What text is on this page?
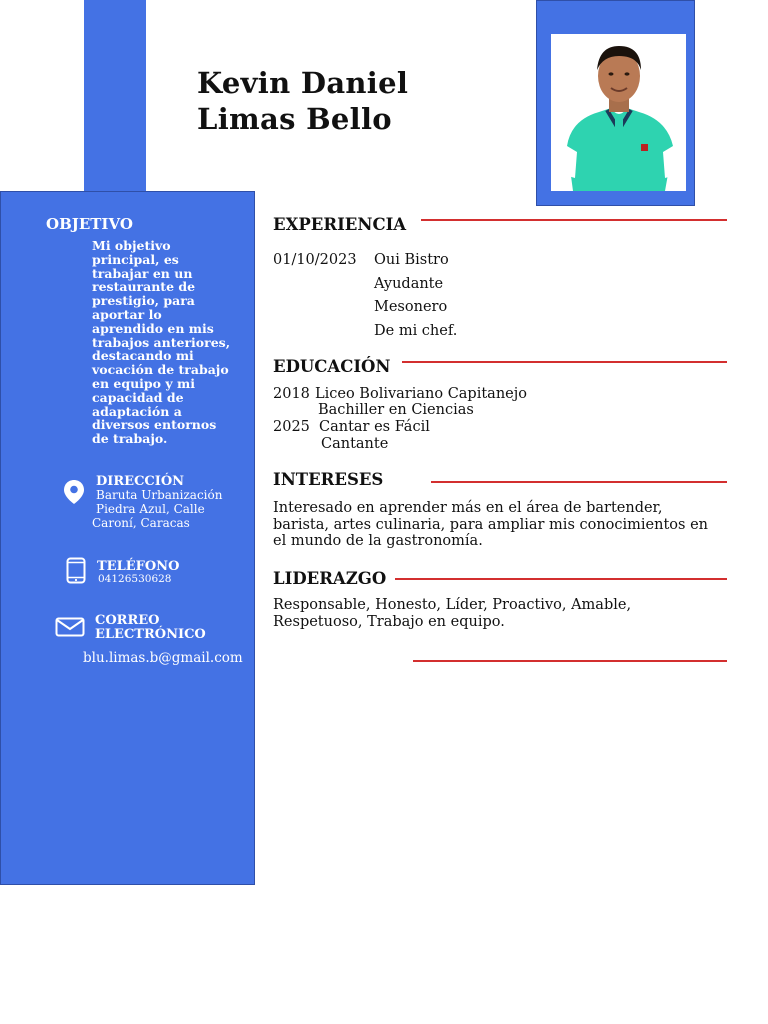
Kevin Daniel
Limas Bello
OBJETIVO
Mi objetivo principal, es trabajar en un restaurante de prestigio, para aportar lo aprendido en mis trabajos anteriores, destacando mi vocación de trabajo en equipo y mi capacidad de adaptación a diversos entornos de trabajo.
DIRECCIÓN
Baruta Urbanización
Piedra Azul, Calle
Caroní, Caracas
TELÉFONO
04126530628
CORREO
ELECTRÓNICO
blu.limas.b@gmail.com
EXPERIENCIA
01/10/2023 Oui Bistro
Ayudante
Mesonero
De mi chef.
EDUCACIÓN
2018 Liceo Bolivariano Capitanejo
Bachiller en Ciencias
2025 Cantar es Fácil
Cantante
INTERESES
Interesado en aprender más en el área de bartender, barista, artes culinaria, para ampliar mis conocimientos en el mundo de la gastronomía.
LIDERAZGO
Responsable, Honesto, Líder, Proactivo, Amable, Respetuoso, Trabajo en equipo.
